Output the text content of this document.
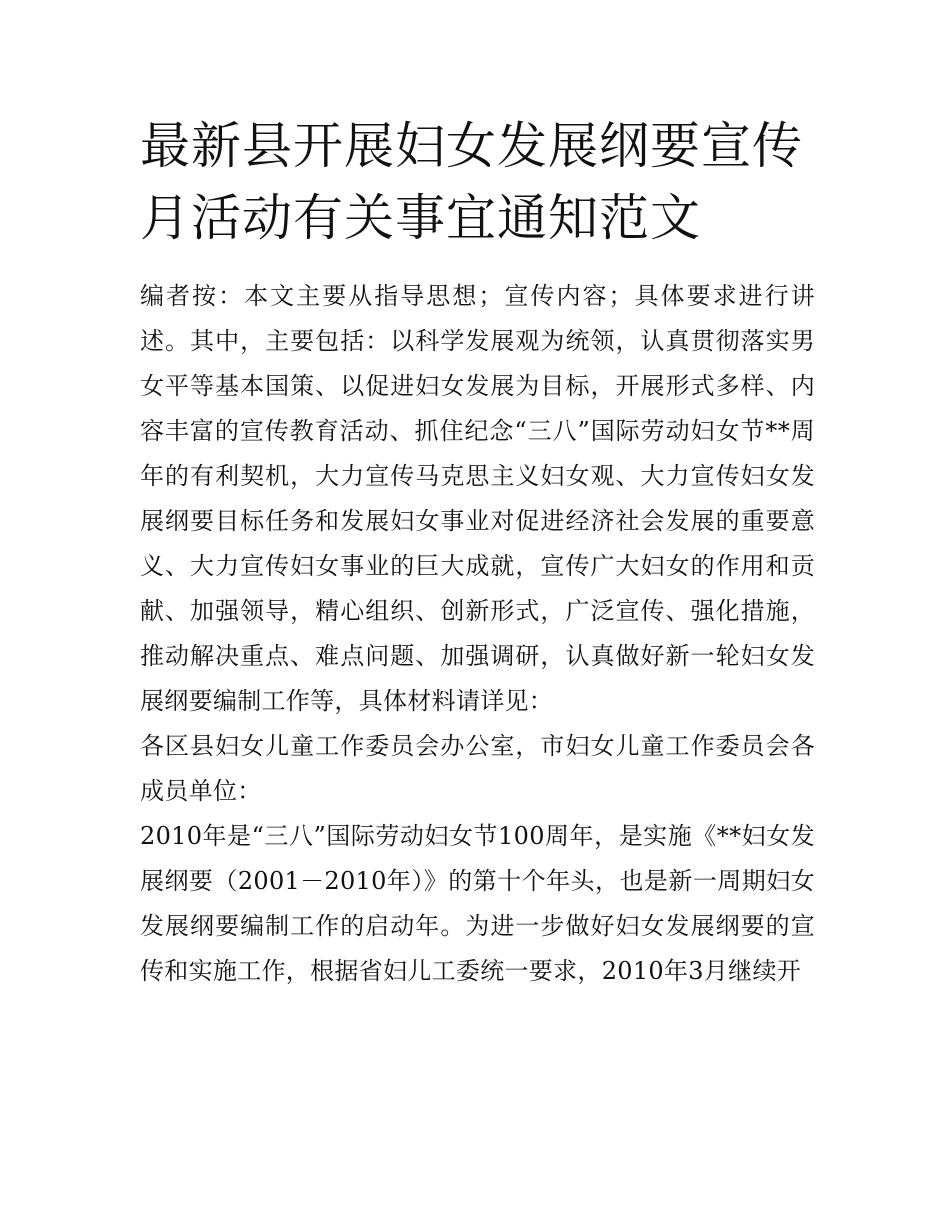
最新县开展妇女发展纲要宣传月活动有关事宜通知范文

编者按：本文主要从指导思想；宣传内容；具体要求进行讲述。其中，主要包括：以科学发展观为统领，认真贯彻落实男女平等基本国策、以促进妇女发展为目标，开展形式多样、内容丰富的宣传教育活动、抓住纪念“三八”国际劳动妇女节**周年的有利契机，大力宣传马克思主义妇女观、大力宣传妇女发展纲要目标任务和发展妇女事业对促进经济社会发展的重要意义、大力宣传妇女事业的巨大成就，宣传广大妇女的作用和贡献、加强领导，精心组织、创新形式，广泛宣传、强化措施，推动解决重点、难点问题、加强调研，认真做好新一轮妇女发展纲要编制工作等，具体材料请详见：

各区县妇女儿童工作委员会办公室，市妇女儿童工作委员会各成员单位：

2010年是“三八”国际劳动妇女节100周年，是实施《**妇女发展纲要（2001－2010年）》的第十个年头，也是新一周期妇女发展纲要编制工作的启动年。为进一步做好妇女发展纲要的宣传和实施工作，根据省妇儿工委统一要求，2010年3月继续开
